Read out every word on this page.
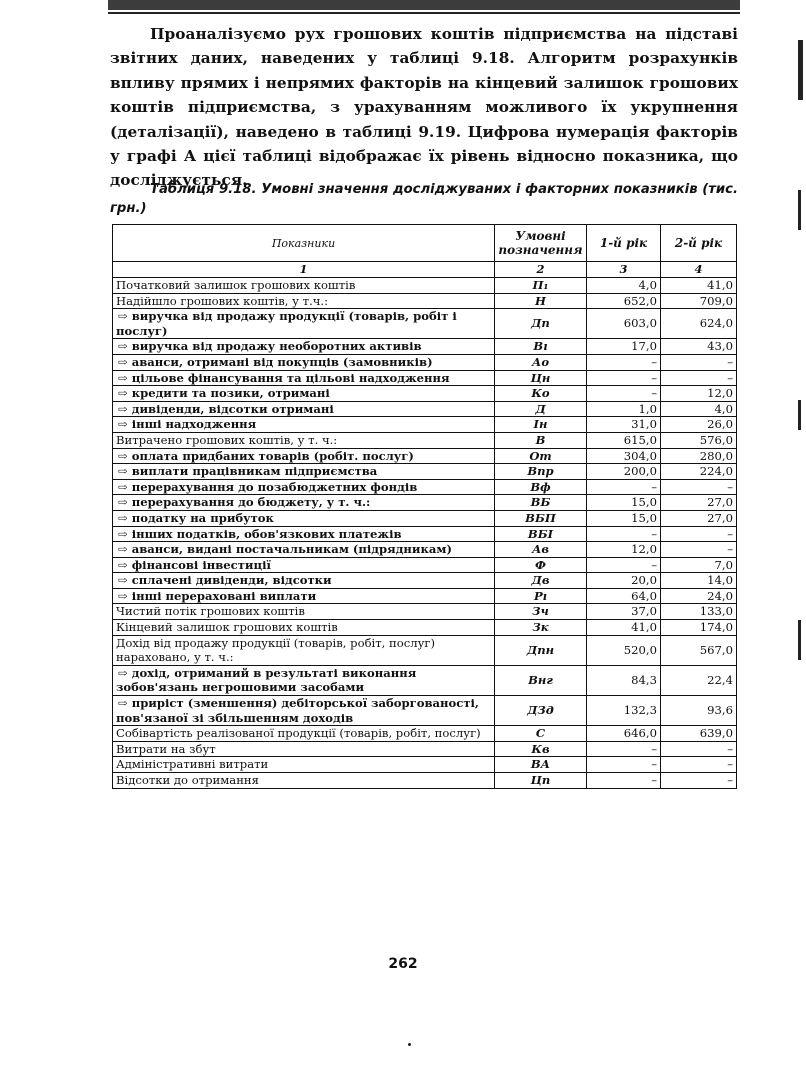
Проаналізуємо рух грошових коштів підприємства на підставі звітних даних, наведених у таблиці 9.18. Алгоритм розрахунків впливу прямих і непрямих факторів на кінцевий залишок грошових коштів підприємства, з урахуванням можливого їх укрупнення (деталізації), наведено в таблиці 9.19. Цифрова нумерація факторів у графі А цієї таблиці відображає їх рівень відносно показника, що досліджується.

Таблиця 9.18. Умовні значення досліджуваних і факторних показників (тис. грн.)

Показники	Умовні позначення	1-й рік	2-й рік
1	2	3	4
Початковий залишок грошових коштів	П₁	4,0	41,0
Надійшло грошових коштів, у т.ч.:	Н	652,0	709,0
⇨ виручка від продажу продукції (товарів, робіт і послуг)	Дп	603,0	624,0
⇨ виручка від продажу необоротних активів	Вı	17,0	43,0
⇨ аванси, отримані від покупців (замовників)	Ао	–	–
⇨ цільове фінансування та цільові надходження	Цн	–	–
⇨ кредити та позики, отримані	Ко	–	12,0
⇨ дивіденди, відсотки отримані	Д	1,0	4,0
⇨ інші надходження	Ін	31,0	26,0
Витрачено грошових коштів, у т. ч.:	В	615,0	576,0
⇨ оплата придбаних товарів (робіт. послуг)	От	304,0	280,0
⇨ виплати працівникам підприємства	Впр	200,0	224,0
⇨ перерахування до позабюджетних фондів	Вф	–	–
⇨ перерахування до бюджету, у т. ч.:	ВБ	15,0	27,0
⇨ податку на прибуток	ВБП	15,0	27,0
⇨ інших податків, обов'язкових платежів	ВБІ	–	–
⇨ аванси, видані постачальникам (підрядникам)	Ав	12,0	–
⇨ фінансові інвестиції	Ф	–	7,0
⇨ сплачені дивіденди, відсотки	Дв	20,0	14,0
⇨ інші перераховані виплати	Pı	64,0	24,0
Чистий потік грошових коштів	Зч	37,0	133,0
Кінцевий залишок грошових коштів	Зк	41,0	174,0
Дохід від продажу продукції (товарів, робіт, послуг) нараховано, у т. ч.:	Дпн	520,0	567,0
⇨ дохід, отриманий в результаті виконання зобов'язань негрошовими засобами	Внг	84,3	22,4
⇨ приріст (зменшення) дебіторської заборгованості, пов'язаної зі збільшенням доходів	ДЗд	132,3	93,6
Собівартість реалізованої продукції (товарів, робіт, послуг)	С	646,0	639,0
Витрати на збут	Кв	–	–
Адміністративні витрати	ВА	–	–
Відсотки до отримання	Цп	–	–
262
